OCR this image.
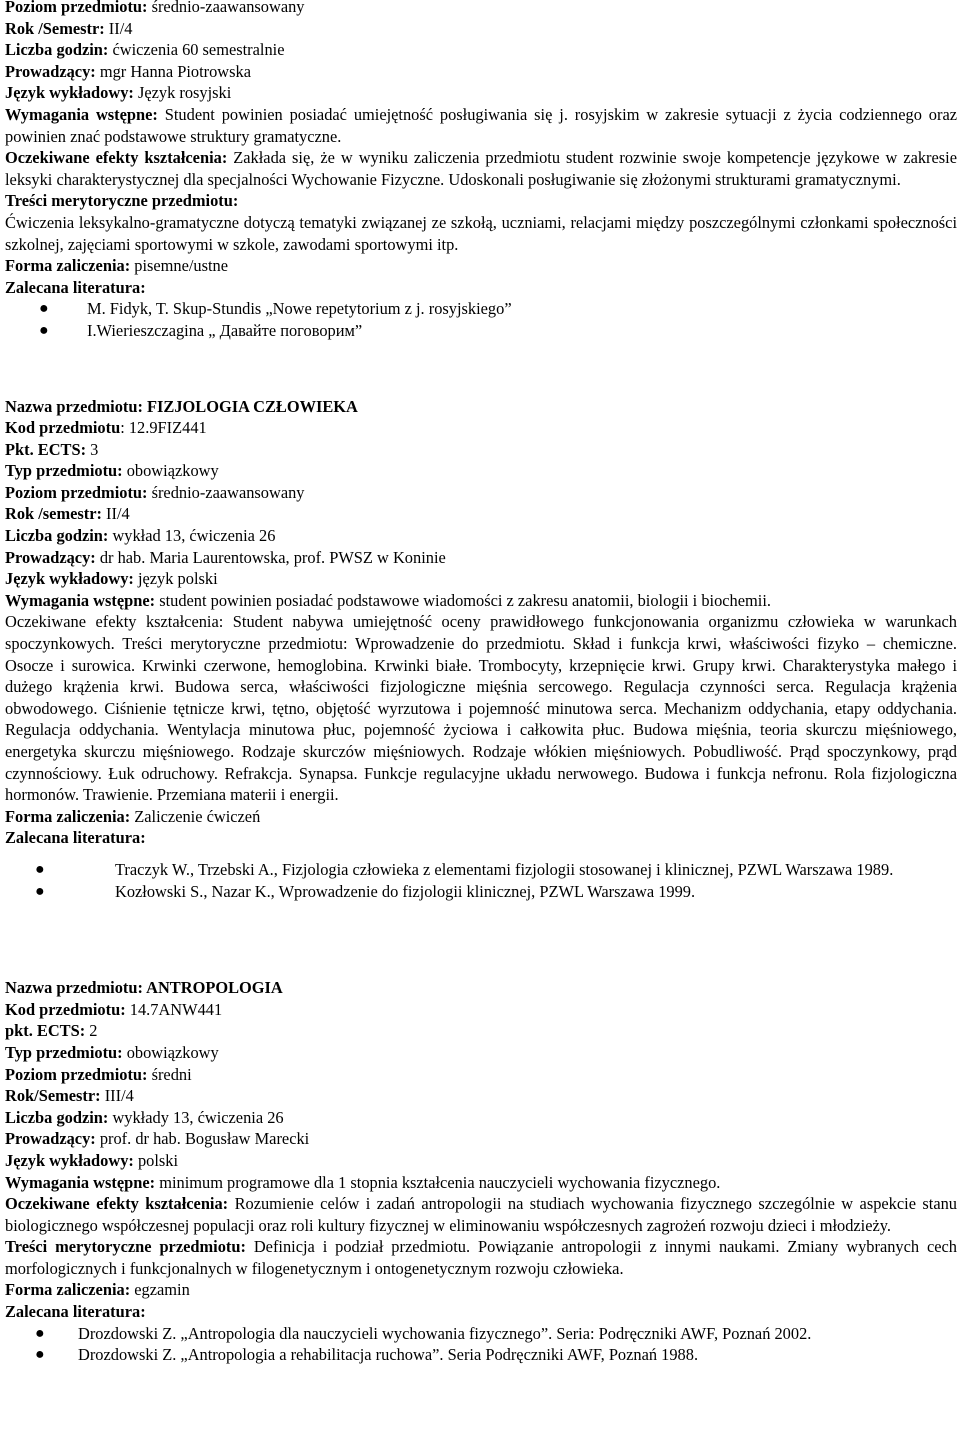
Poziom przedmiotu: średnio-zaawansowany
Rok /Semestr: II/4
Liczba godzin: ćwiczenia 60 semestralnie
Prowadzący: mgr Hanna Piotrowska
Język wykładowy: Język rosyjski
Wymagania wstępne: Student powinien posiadać umiejętność posługiwania się j. rosyjskim w zakresie sytuacji z życia codziennego oraz powinien znać podstawowe struktury gramatyczne.
Oczekiwane efekty kształcenia: Zakłada się, że w wyniku zaliczenia przedmiotu student rozwinie swoje kompetencje językowe w zakresie leksyki charakterystycznej dla specjalności Wychowanie Fizyczne. Udoskonali posługiwanie się złożonymi strukturami gramatycznymi.
Treści merytoryczne przedmiotu:
Ćwiczenia leksykalno-gramatyczne dotyczą tematyki związanej ze szkołą, uczniami, relacjami między poszczególnymi członkami społeczności szkolnej, zajęciami sportowymi w szkole, zawodami sportowymi itp.
Forma zaliczenia: pisemne/ustne
Zalecana literatura:
● M. Fidyk, T. Skup-Stundis „Nowe repetytorium z j. rosyjskiego”
● I.Wierieszczagina „ Давайте поговорим”
Nazwa przedmiotu: FIZJOLOGIA CZŁOWIEKA
Kod przedmiotu: 12.9FIZ441
Pkt. ECTS: 3
Typ przedmiotu: obowiązkowy
Poziom przedmiotu: średnio-zaawansowany
Rok /semestr: II/4
Liczba godzin: wykład 13, ćwiczenia 26
Prowadzący: dr hab. Maria Laurentowska, prof. PWSZ w Koninie
Język wykładowy: język polski
Wymagania wstępne: student powinien posiadać podstawowe wiadomości z zakresu anatomii, biologii i biochemii.
Oczekiwane efekty kształcenia: Student nabywa umiejętność oceny prawidłowego funkcjonowania organizmu człowieka w warunkach spoczynkowych. Treści merytoryczne przedmiotu: Wprowadzenie do przedmiotu. Skład i funkcja krwi, właściwości fizyko – chemiczne. Osocze i surowica. Krwinki czerwone, hemoglobina. Krwinki białe. Trombocyty, krzepnięcie krwi. Grupy krwi. Charakterystyka małego i dużego krążenia krwi. Budowa serca, właściwości fizjologiczne mięśnia sercowego. Regulacja czynności serca. Regulacja krążenia obwodowego. Ciśnienie tętnicze krwi, tętno, objętość wyrzutowa i pojemność minutowa serca. Mechanizm oddychania, etapy oddychania. Regulacja oddychania. Wentylacja minutowa płuc, pojemność życiowa i całkowita płuc. Budowa mięśnia, teoria skurczu mięśniowego, energetyka skurczu mięśniowego. Rodzaje skurczów mięśniowych. Rodzaje włókien mięśniowych. Pobudliwość. Prąd spoczynkowy, prąd czynnościowy. Łuk odruchowy. Refrakcja. Synapsa. Funkcje regulacyjne układu nerwowego. Budowa i funkcja nefronu. Rola fizjologiczna hormonów. Trawienie. Przemiana materii i energii.
Forma zaliczenia: Zaliczenie ćwiczeń
Zalecana literatura:
●	Traczyk W., Trzebski A., Fizjologia człowieka z elementami fizjologii stosowanej i klinicznej, PZWL Warszawa 1989.
●	Kozłowski S., Nazar K., Wprowadzenie do fizjologii klinicznej, PZWL Warszawa 1999.
Nazwa przedmiotu: ANTROPOLOGIA
Kod przedmiotu: 14.7ANW441
pkt. ECTS: 2
Typ przedmiotu: obowiązkowy
Poziom przedmiotu: średni
Rok/Semestr: III/4
Liczba godzin: wykłady 13, ćwiczenia 26
Prowadzący: prof. dr hab. Bogusław Marecki
Język wykładowy: polski
Wymagania wstępne: minimum programowe dla 1 stopnia kształcenia nauczycieli wychowania fizycznego.
Oczekiwane efekty kształcenia: Rozumienie celów i zadań antropologii na studiach wychowania fizycznego szczególnie w aspekcie stanu biologicznego współczesnej populacji oraz roli kultury fizycznej w eliminowaniu współczesnych zagrożeń rozwoju dzieci i młodzieży.
Treści merytoryczne przedmiotu: Definicja i podział przedmiotu. Powiązanie antropologii z innymi naukami. Zmiany wybranych cech morfologicznych i funkcjonalnych w filogenetycznym i ontogenetycznym rozwoju człowieka.
Forma zaliczenia: egzamin
Zalecana literatura:
● Drozdowski Z. „Antropologia dla nauczycieli wychowania fizycznego”. Seria: Podręczniki AWF, Poznań 2002.
● Drozdowski Z. „Antropologia a rehabilitacja ruchowa”. Seria Podręczniki AWF, Poznań 1988.
